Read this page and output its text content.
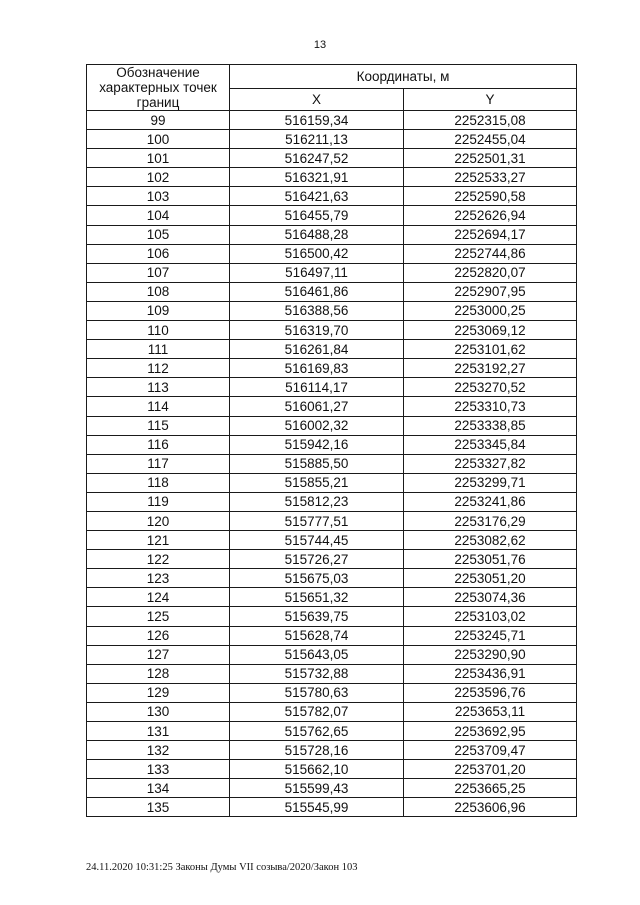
13
Обозначение характерных точек границ	Координаты, м	
	X	Y
99	516159,34	2252315,08
100	516211,13	2252455,04
101	516247,52	2252501,31
102	516321,91	2252533,27
103	516421,63	2252590,58
104	516455,79	2252626,94
105	516488,28	2252694,17
106	516500,42	2252744,86
107	516497,11	2252820,07
108	516461,86	2252907,95
109	516388,56	2253000,25
110	516319,70	2253069,12
111	516261,84	2253101,62
112	516169,83	2253192,27
113	516114,17	2253270,52
114	516061,27	2253310,73
115	516002,32	2253338,85
116	515942,16	2253345,84
117	515885,50	2253327,82
118	515855,21	2253299,71
119	515812,23	2253241,86
120	515777,51	2253176,29
121	515744,45	2253082,62
122	515726,27	2253051,76
123	515675,03	2253051,20
124	515651,32	2253074,36
125	515639,75	2253103,02
126	515628,74	2253245,71
127	515643,05	2253290,90
128	515732,88	2253436,91
129	515780,63	2253596,76
130	515782,07	2253653,11
131	515762,65	2253692,95
132	515728,16	2253709,47
133	515662,10	2253701,20
134	515599,43	2253665,25
135	515545,99	2253606,96
24.11.2020 10:31:25 Законы Думы VII созыва/2020/Закон 103
